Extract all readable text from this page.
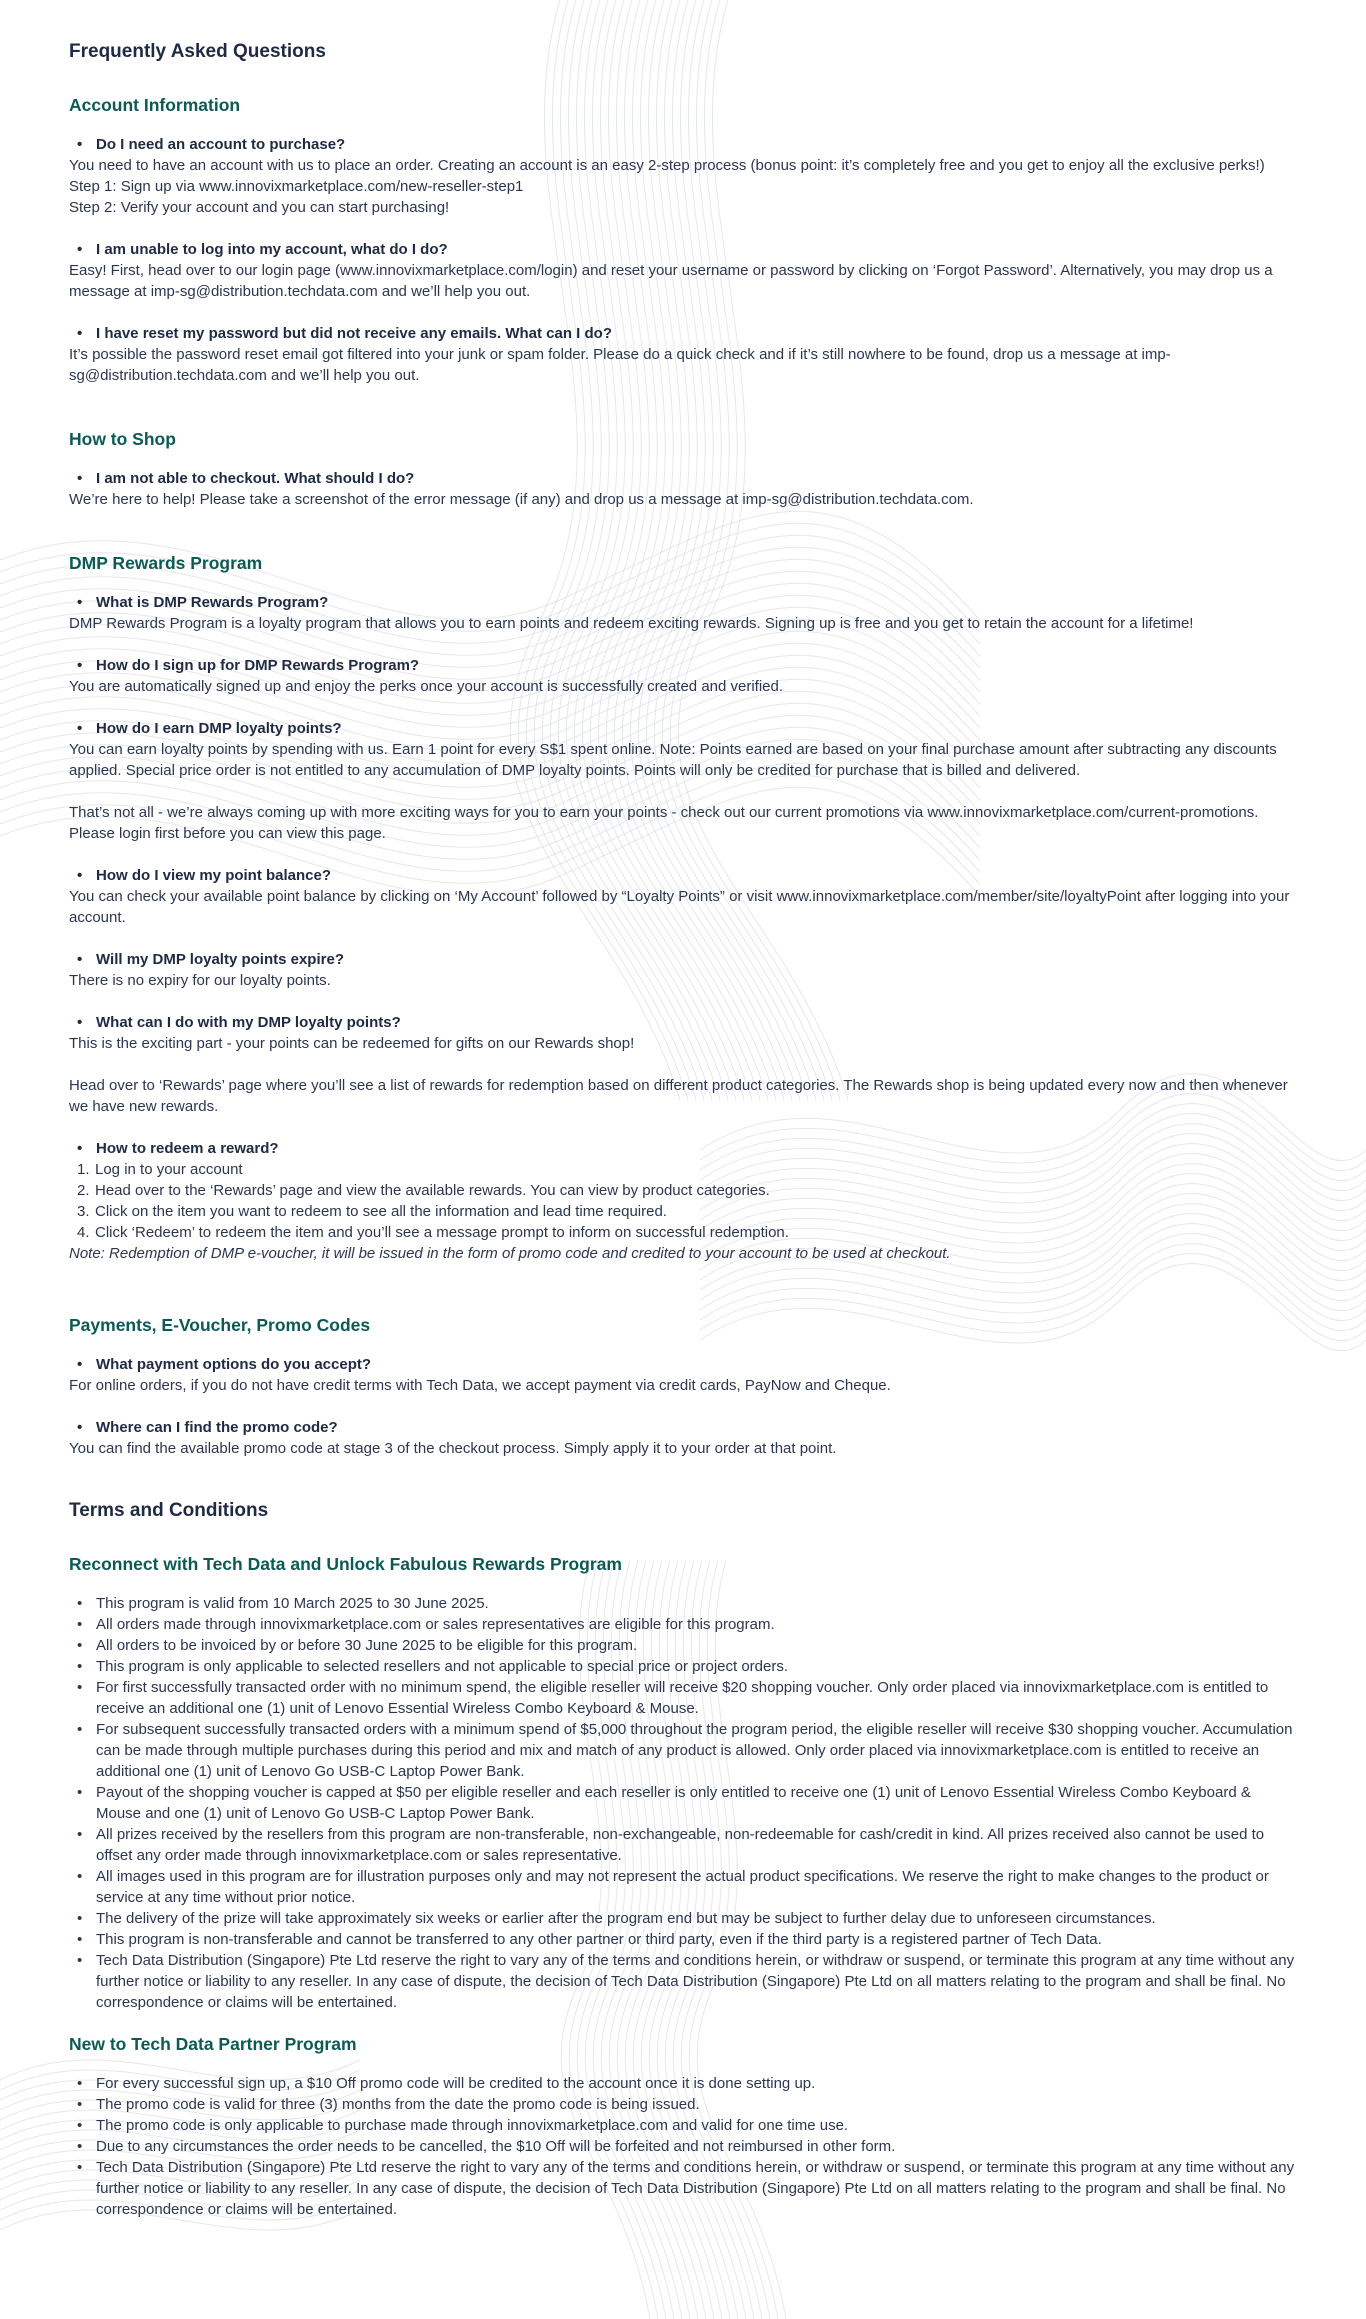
Frequently Asked Questions
Account Information
• Do I need an account to purchase?

You need to have an account with us to place an order. Creating an account is an easy 2-step process (bonus point: it’s completely free and you get to enjoy all the exclusive perks!)

Step 1: Sign up via www.innovixmarketplace.com/new-reseller-step1

Step 2: Verify your account and you can start purchasing!

• I am unable to log into my account, what do I do?

Easy! First, head over to our login page (www.innovixmarketplace.com/login) and reset your username or password by clicking on ‘Forgot Password’. Alternatively, you may drop us a message at imp-sg@distribution.techdata.com and we’ll help you out.

• I have reset my password but did not receive any emails. What can I do?

It’s possible the password reset email got filtered into your junk or spam folder. Please do a quick check and if it’s still nowhere to be found, drop us a message at imp-sg@distribution.techdata.com and we’ll help you out.

How to Shop
• I am not able to checkout. What should I do?

We’re here to help! Please take a screenshot of the error message (if any) and drop us a message at imp-sg@distribution.techdata.com.

DMP Rewards Program
• What is DMP Rewards Program?

DMP Rewards Program is a loyalty program that allows you to earn points and redeem exciting rewards. Signing up is free and you get to retain the account for a lifetime!

• How do I sign up for DMP Rewards Program?

You are automatically signed up and enjoy the perks once your account is successfully created and verified.

• How do I earn DMP loyalty points?

You can earn loyalty points by spending with us. Earn 1 point for every S$1 spent online. Note: Points earned are based on your final purchase amount after subtracting any discounts applied. Special price order is not entitled to any accumulation of DMP loyalty points. Points will only be credited for purchase that is billed and delivered.

That’s not all - we’re always coming up with more exciting ways for you to earn your points - check out our current promotions via www.innovixmarketplace.com/current-promotions. Please login first before you can view this page.

• How do I view my point balance?

You can check your available point balance by clicking on ‘My Account’ followed by “Loyalty Points” or visit www.innovixmarketplace.com/member/site/loyaltyPoint after logging into your account.

• Will my DMP loyalty points expire?

There is no expiry for our loyalty points.

• What can I do with my DMP loyalty points?

This is the exciting part - your points can be redeemed for gifts on our Rewards shop!

Head over to ‘Rewards’ page where you’ll see a list of rewards for redemption based on different product categories. The Rewards shop is being updated every now and then whenever we have new rewards.

• How to redeem a reward?
1. Log in to your account
2. Head over to the ‘Rewards’ page and view the available rewards. You can view by product categories.
3. Click on the item you want to redeem to see all the information and lead time required.
4. Click ‘Redeem’ to redeem the item and you’ll see a message prompt to inform on successful redemption.

Note: Redemption of DMP e-voucher, it will be issued in the form of promo code and credited to your account to be used at checkout.

Payments, E-Voucher, Promo Codes
• What payment options do you accept?

For online orders, if you do not have credit terms with Tech Data, we accept payment via credit cards, PayNow and Cheque.

• Where can I find the promo code?

You can find the available promo code at stage 3 of the checkout process. Simply apply it to your order at that point.

Terms and Conditions
Reconnect with Tech Data and Unlock Fabulous Rewards Program
• This program is valid from 10 March 2025 to 30 June 2025.
• All orders made through innovixmarketplace.com or sales representatives are eligible for this program.
• All orders to be invoiced by or before 30 June 2025 to be eligible for this program.
• This program is only applicable to selected resellers and not applicable to special price or project orders.
• For first successfully transacted order with no minimum spend, the eligible reseller will receive $20 shopping voucher. Only order placed via innovixmarketplace.com is entitled to receive an additional one (1) unit of Lenovo Essential Wireless Combo Keyboard & Mouse.
• For subsequent successfully transacted orders with a minimum spend of $5,000 throughout the program period, the eligible reseller will receive $30 shopping voucher. Accumulation can be made through multiple purchases during this period and mix and match of any product is allowed. Only order placed via innovixmarketplace.com is entitled to receive an additional one (1) unit of Lenovo Go USB-C Laptop Power Bank.
• Payout of the shopping voucher is capped at $50 per eligible reseller and each reseller is only entitled to receive one (1) unit of Lenovo Essential Wireless Combo Keyboard & Mouse and one (1) unit of Lenovo Go USB-C Laptop Power Bank.
• All prizes received by the resellers from this program are non-transferable, non-exchangeable, non-redeemable for cash/credit in kind. All prizes received also cannot be used to offset any order made through innovixmarketplace.com or sales representative.
• All images used in this program are for illustration purposes only and may not represent the actual product specifications. We reserve the right to make changes to the product or service at any time without prior notice.
• The delivery of the prize will take approximately six weeks or earlier after the program end but may be subject to further delay due to unforeseen circumstances.
• This program is non-transferable and cannot be transferred to any other partner or third party, even if the third party is a registered partner of Tech Data.
• Tech Data Distribution (Singapore) Pte Ltd reserve the right to vary any of the terms and conditions herein, or withdraw or suspend, or terminate this program at any time without any further notice or liability to any reseller. In any case of dispute, the decision of Tech Data Distribution (Singapore) Pte Ltd on all matters relating to the program and shall be final. No correspondence or claims will be entertained.
New to Tech Data Partner Program
• For every successful sign up, a $10 Off promo code will be credited to the account once it is done setting up.
• The promo code is valid for three (3) months from the date the promo code is being issued.
• The promo code is only applicable to purchase made through innovixmarketplace.com and valid for one time use.
• Due to any circumstances the order needs to be cancelled, the $10 Off will be forfeited and not reimbursed in other form.
• Tech Data Distribution (Singapore) Pte Ltd reserve the right to vary any of the terms and conditions herein, or withdraw or suspend, or terminate this program at any time without any further notice or liability to any reseller. In any case of dispute, the decision of Tech Data Distribution (Singapore) Pte Ltd on all matters relating to the program and shall be final. No correspondence or claims will be entertained.
